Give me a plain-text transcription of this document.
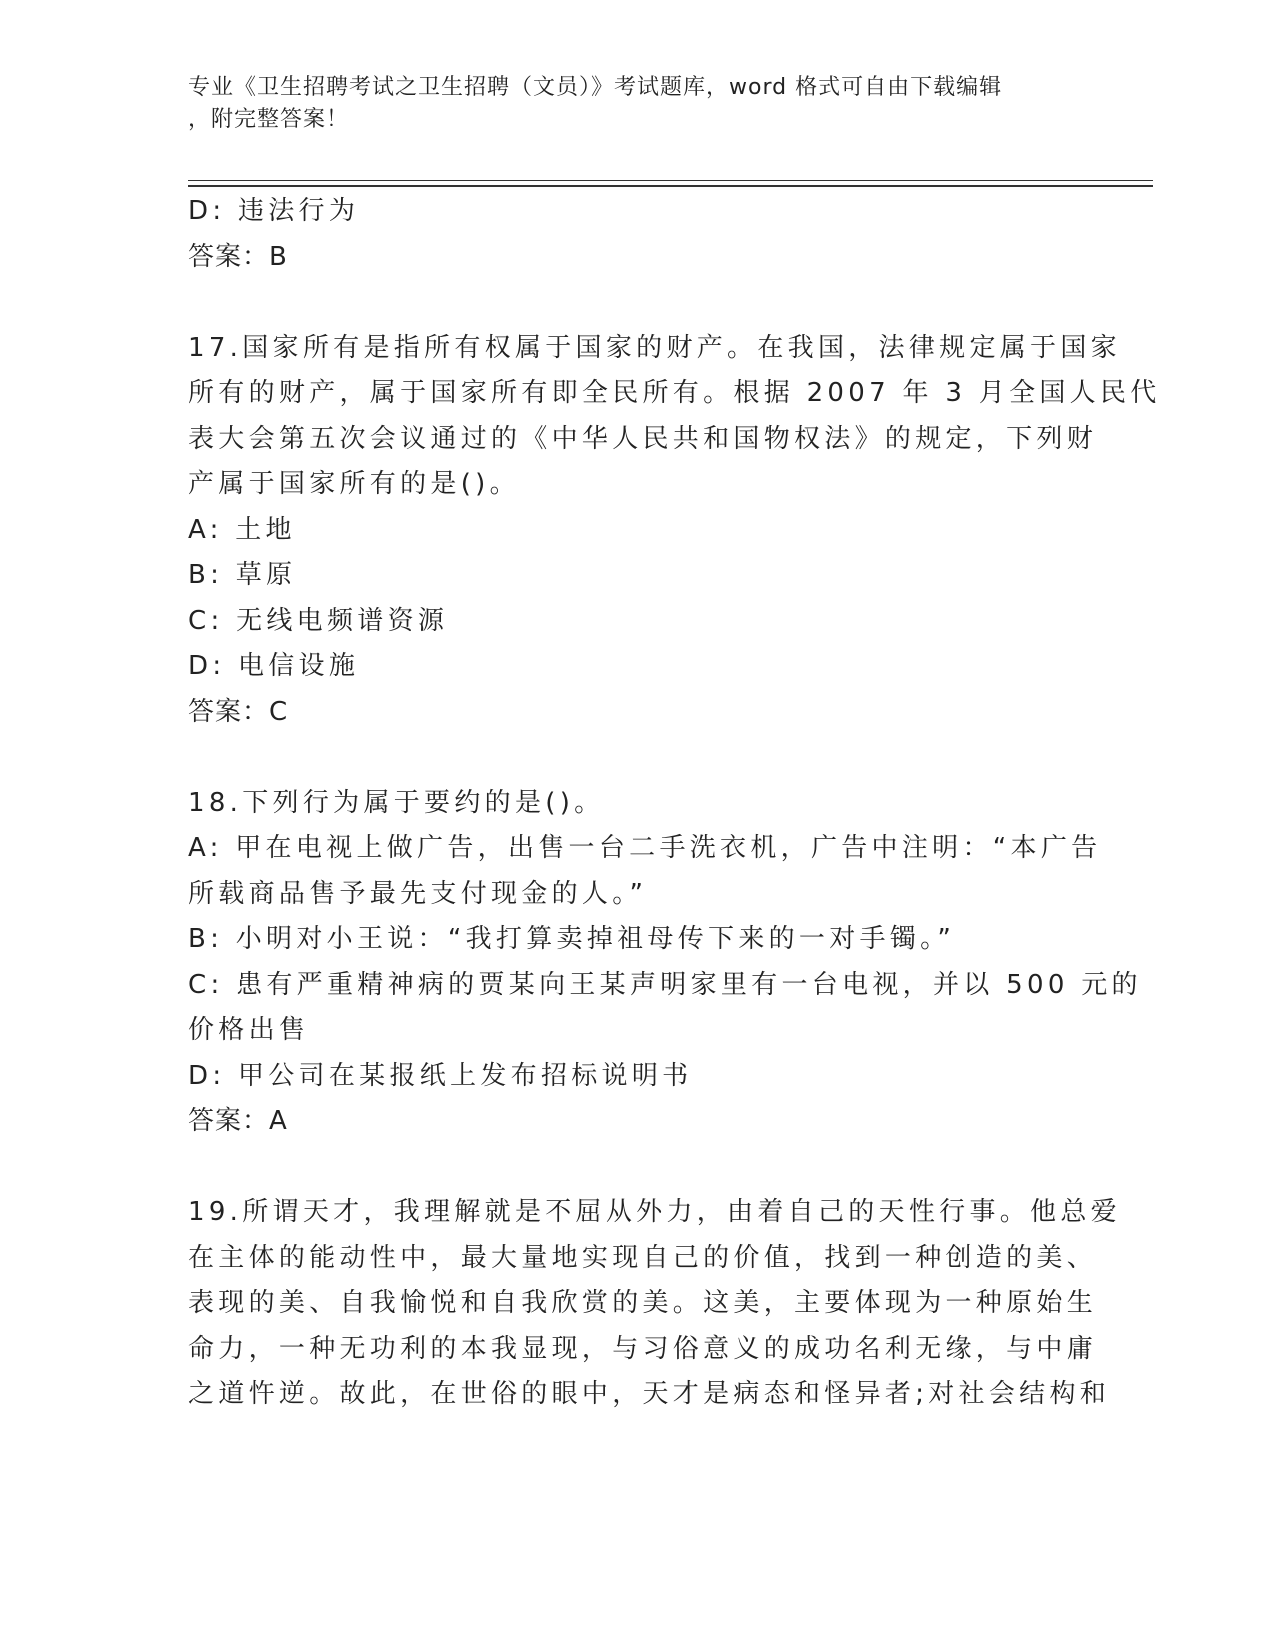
专业《卫生招聘考试之卫生招聘（文员）》考试题库，word 格式可自由下载编辑
，附完整答案！
D: 违法行为
答案：B
17.国家所有是指所有权属于国家的财产。在我国，法律规定属于国家
所有的财产，属于国家所有即全民所有。根据 2007 年 3 月全国人民代
表大会第五次会议通过的《中华人民共和国物权法》的规定，下列财
产属于国家所有的是()。
A: 土地
B: 草原
C: 无线电频谱资源
D: 电信设施
答案：C
18.下列行为属于要约的是()。
A: 甲在电视上做广告，出售一台二手洗衣机，广告中注明：“本广告
所载商品售予最先支付现金的人。”
B: 小明对小王说：“我打算卖掉祖母传下来的一对手镯。”
C: 患有严重精神病的贾某向王某声明家里有一台电视，并以 500 元的
价格出售
D: 甲公司在某报纸上发布招标说明书
答案：A
19.所谓天才，我理解就是不屈从外力，由着自己的天性行事。他总爱
在主体的能动性中，最大量地实现自己的价值，找到一种创造的美、
表现的美、自我愉悦和自我欣赏的美。这美，主要体现为一种原始生
命力，一种无功利的本我显现，与习俗意义的成功名利无缘，与中庸
之道忤逆。故此，在世俗的眼中，天才是病态和怪异者;对社会结构和
